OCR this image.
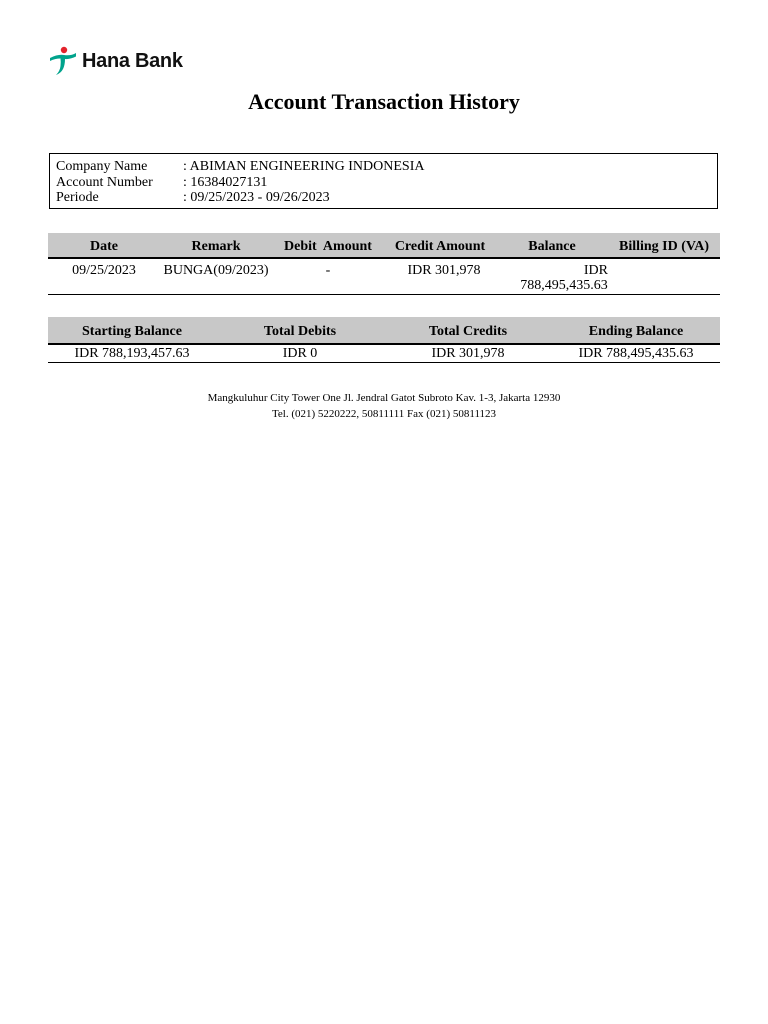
Hana Bank
Account Transaction History
Company Name	: ABIMAN ENGINEERING INDONESIA
Account Number : 16384027131
Periode	: 09/25/2023 - 09/26/2023
Date	Remark	Debit  Amount	Credit Amount	Balance	Billing ID (VA)
09/25/2023	BUNGA(09/2023)	-	IDR 301,978	IDR
788,495,435.63
Starting Balance	Total Debits	Total Credits	Ending Balance
IDR 788,193,457.63	IDR 0	IDR 301,978	IDR 788,495,435.63
Mangkuluhur City Tower One Jl. Jendral Gatot Subroto Kav. 1-3, Jakarta 12930
Tel. (021) 5220222, 50811111 Fax (021) 50811123
